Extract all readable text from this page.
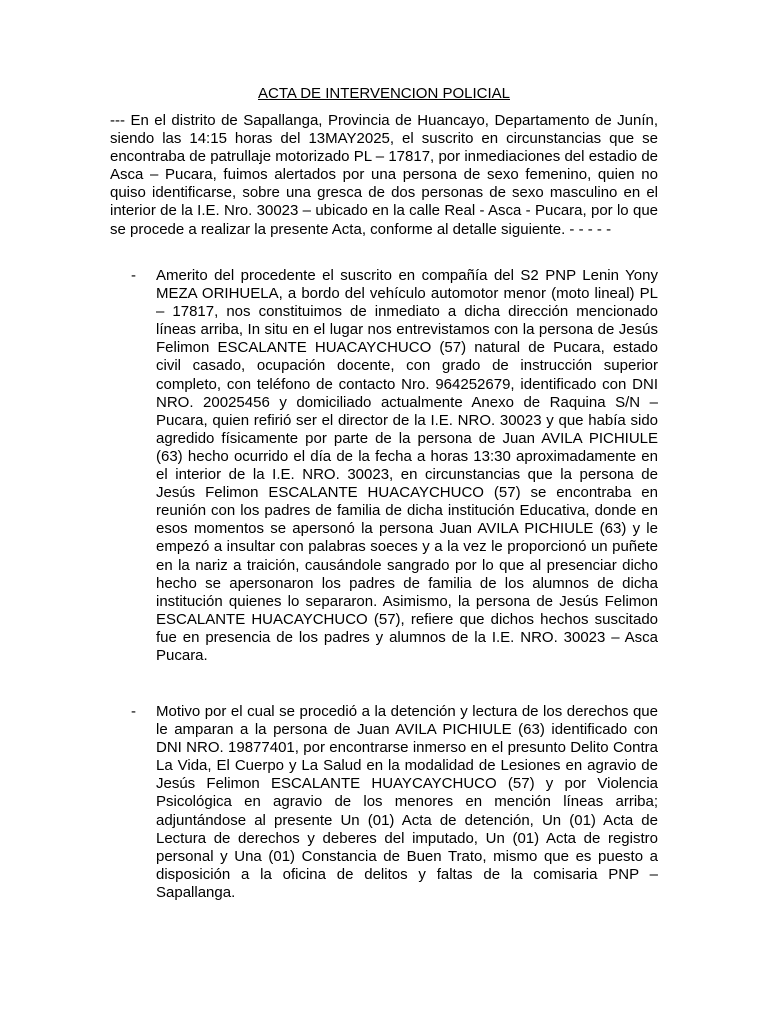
ACTA DE INTERVENCION POLICIAL

--- En el distrito de Sapallanga, Provincia de Huancayo, Departamento de Junín, siendo las 14:15 horas del 13MAY2025, el suscrito en circunstancias que se encontraba de patrullaje motorizado PL – 17817, por inmediaciones del estadio de Asca – Pucara, fuimos alertados por una persona de sexo femenino, quien no quiso identificarse, sobre una gresca de dos personas de sexo masculino en el interior de la I.E. Nro. 30023 – ubicado en la calle Real - Asca - Pucara, por lo que se procede a realizar la presente Acta, conforme al detalle siguiente. - - - - -

- Amerito del procedente el suscrito en compañía del S2 PNP Lenin Yony MEZA ORIHUELA, a bordo del vehículo automotor menor (moto lineal) PL – 17817, nos constituimos de inmediato a dicha dirección mencionado líneas arriba, In situ en el lugar nos entrevistamos con la persona de Jesús Felimon ESCALANTE HUACAYCHUCO (57) natural de Pucara, estado civil casado, ocupación docente, con grado de instrucción superior completo, con teléfono de contacto Nro. 964252679, identificado con DNI NRO. 20025456 y domiciliado actualmente Anexo de Raquina S/N – Pucara, quien refirió ser el director de la I.E. NRO. 30023 y que había sido agredido físicamente por parte de la persona de Juan AVILA PICHIULE (63) hecho ocurrido el día de la fecha a horas 13:30 aproximadamente en el interior de la I.E. NRO. 30023, en circunstancias que la persona de Jesús Felimon ESCALANTE HUACAYCHUCO (57) se encontraba en reunión con los padres de familia de dicha institución Educativa, donde en esos momentos se apersonó la persona Juan AVILA PICHIULE (63) y le empezó a insultar con palabras soeces y a la vez le proporcionó un puñete en la nariz a traición, causándole sangrado por lo que al presenciar dicho hecho se apersonaron los padres de familia de los alumnos de dicha institución quienes lo separaron. Asimismo, la persona de Jesús Felimon ESCALANTE HUACAYCHUCO (57), refiere que dichos hechos suscitado fue en presencia de los padres y alumnos de la I.E. NRO. 30023 – Asca Pucara.
- Motivo por el cual se procedió a la detención y lectura de los derechos que le amparan a la persona de Juan AVILA PICHIULE (63) identificado con DNI NRO. 19877401, por encontrarse inmerso en el presunto Delito Contra La Vida, El Cuerpo y La Salud en la modalidad de Lesiones en agravio de Jesús Felimon ESCALANTE HUAYCAYCHUCO (57) y por Violencia Psicológica en agravio de los menores en mención líneas arriba; adjuntándose al presente Un (01) Acta de detención, Un (01) Acta de Lectura de derechos y deberes del imputado, Un (01) Acta de registro personal y Una (01) Constancia de Buen Trato, mismo que es puesto a disposición a la oficina de delitos y faltas de la comisaria PNP – Sapallanga.
